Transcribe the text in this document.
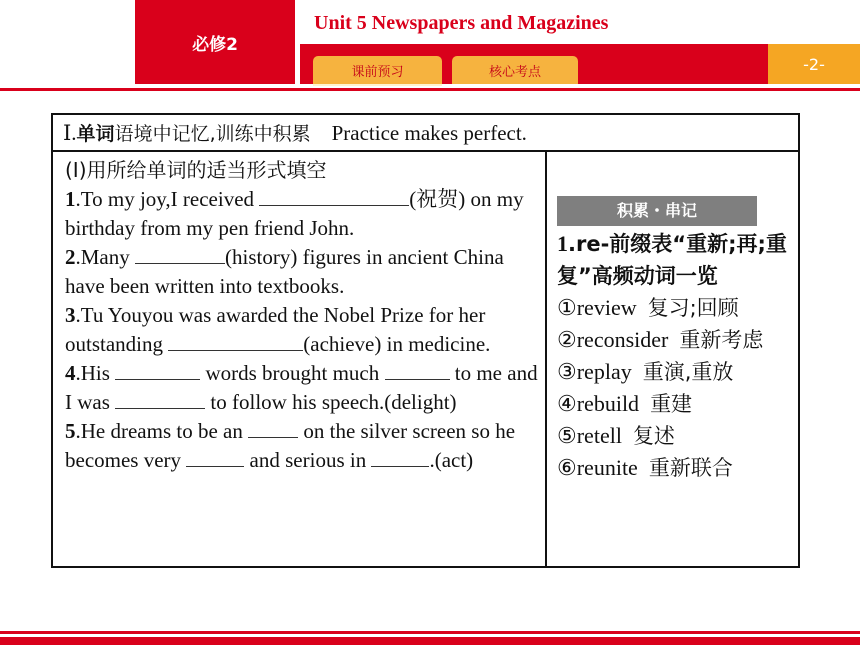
必修2
Unit 5 Newspapers and Magazines
课前预习	核心考点	-2-
Ⅰ.单词语境中记忆,训练中积累 Practice makes perfect.

(Ⅰ)用所给单词的适当形式填空

1.To my joy,I received	(祝贺) on my birthday from my pen friend John.

2.Many	(history) figures in ancient China have been written into textbooks.

3.Tu Youyou was awarded the Nobel Prize for her outstanding	(achieve) in medicine.

4.His	words brought much	to me and I was	to follow his speech.(delight)

5.He dreams to be an  on the silver screen so he becomes very	and serious in	.(act)

积累・串记

1.re-前缀表“重新;再;重复”高频动词一览

①review 复习;回顾

②reconsider 重新考虑

③replay 重演,重放

④rebuild 重建

⑤retell 复述

⑥reunite 重新联合
